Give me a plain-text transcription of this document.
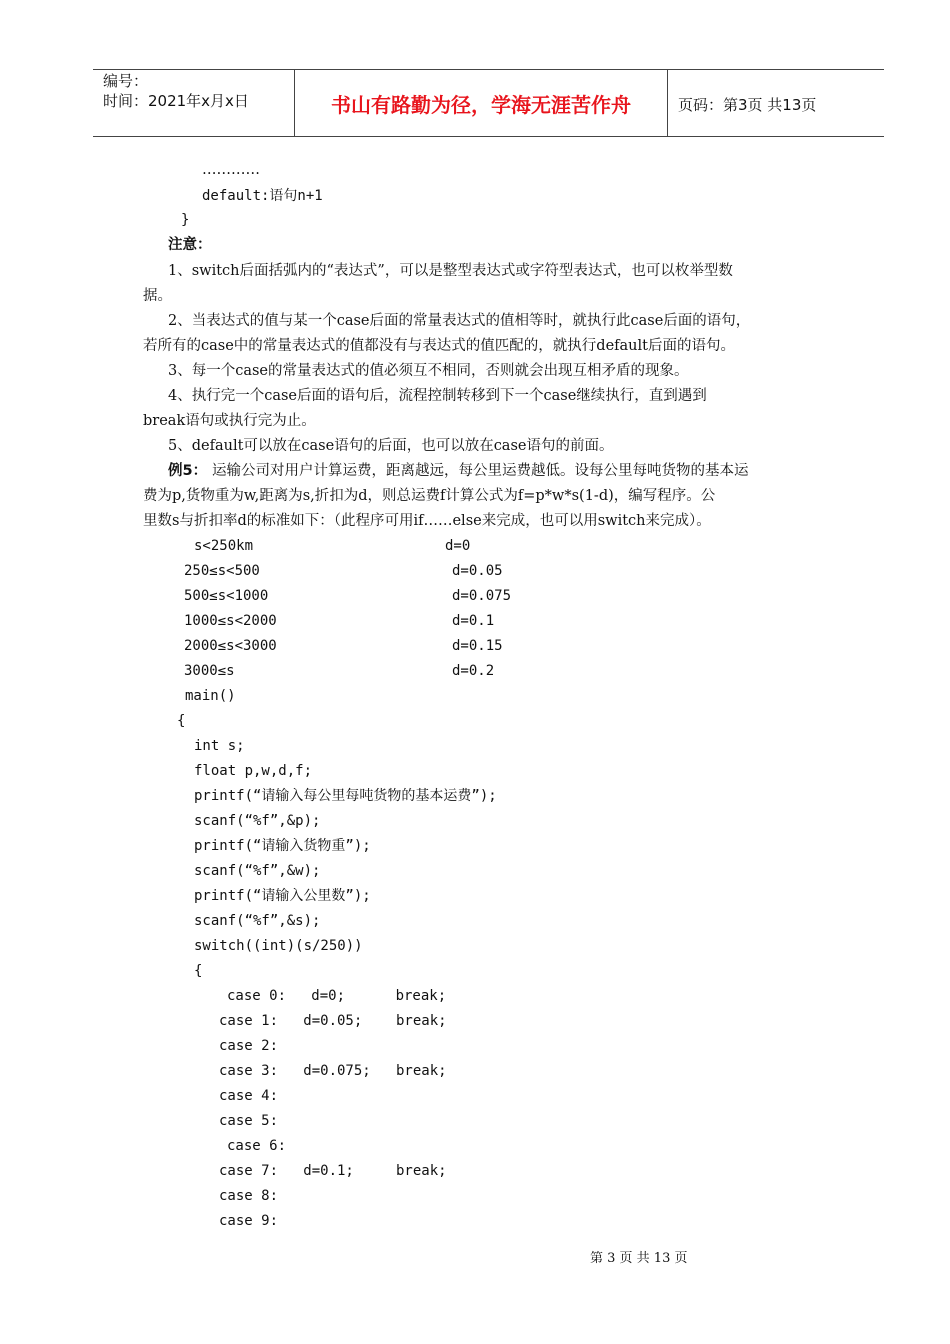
编号：
时间：2021年x月x日	书山有路勤为径，学海无涯苦作舟	页码：第3页 共13页
…………
default:语句n+1
}
注意：
1、switch后面括弧内的“表达式”，可以是整型表达式或字符型表达式，也可以枚举型数
据。
2、当表达式的值与某一个case后面的常量表达式的值相等时，就执行此case后面的语句，
若所有的case中的常量表达式的值都没有与表达式的值匹配的，就执行default后面的语句。
3、每一个case的常量表达式的值必须互不相同，否则就会出现互相矛盾的现象。
4、执行完一个case后面的语句后，流程控制转移到下一个case继续执行，直到遇到
break语句或执行完为止。
5、default可以放在case语句的后面，也可以放在case语句的前面。
例5： 运输公司对用户计算运费，距离越远，每公里运费越低。设每公里每吨货物的基本运
费为p,货物重为w,距离为s,折扣为d，则总运费f计算公式为f=p*w*s(1-d)，编写程序。公
里数s与折扣率d的标准如下：（此程序可用if……else来完成，也可以用switch来完成）。
s<250km	d=0
250≤s<500	d=0.05
500≤s<1000	d=0.075
1000≤s<2000	d=0.1
2000≤s<3000	d=0.15
3000≤s	d=0.2
main()
{
int s;
float p,w,d,f;
printf(“请输入每公里每吨货物的基本运费”);
scanf(“%f”,&p);
printf(“请输入货物重”);
scanf(“%f”,&w);
printf(“请输入公里数”);
scanf(“%f”,&s);
switch((int)(s/250))
{
case 0:   d=0;      break;
case 1:   d=0.05;    break;
case 2:
case 3:   d=0.075;   break;
case 4:
case 5:
case 6:
case 7:   d=0.1;     break;
case 8:
case 9:
第 3 页 共 13 页
